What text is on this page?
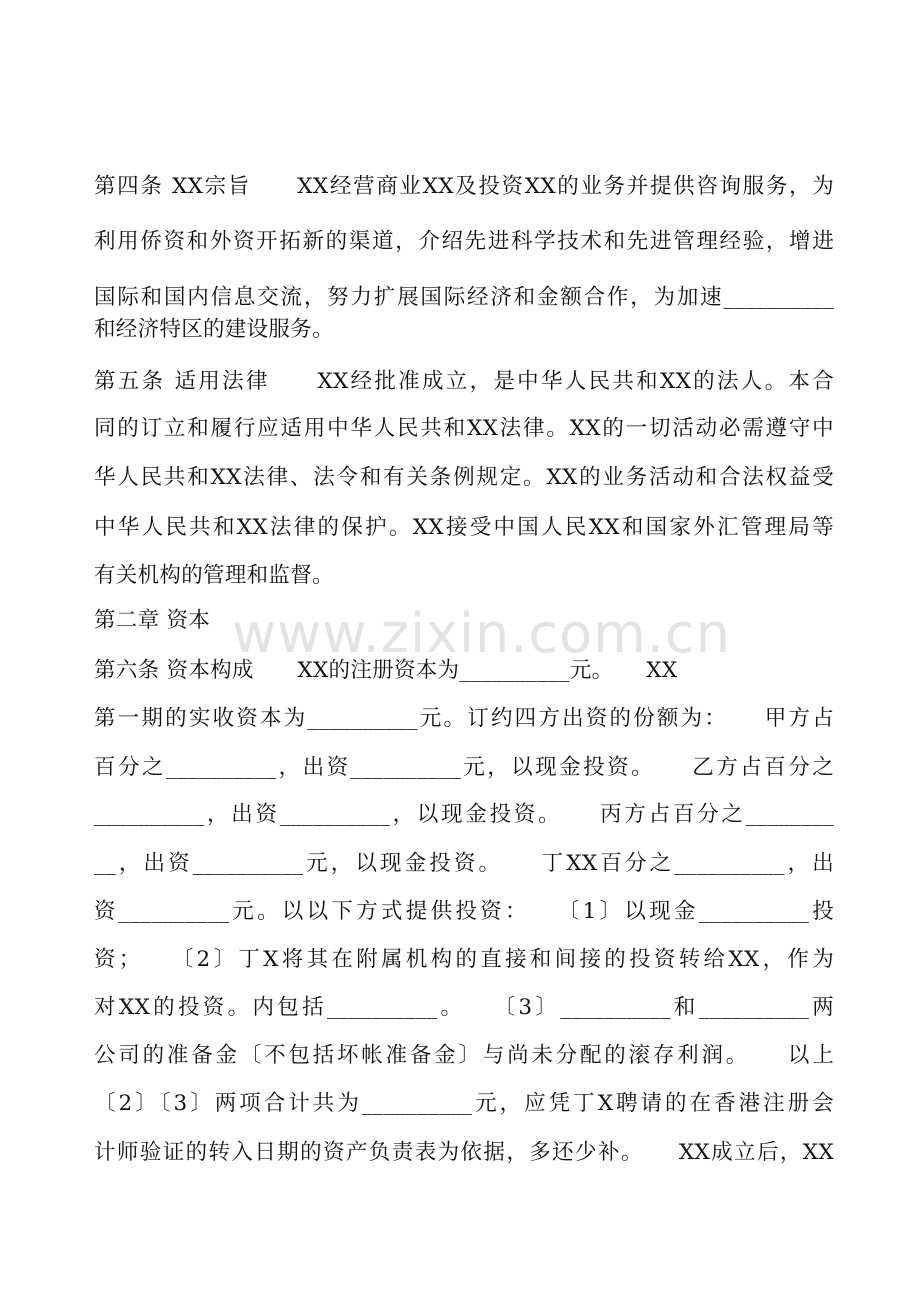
www.zixin.com.cn
第四条 XX宗旨　　XX经营商业XX及投资XX的业务并提供咨询服务，为
利用侨资和外资开拓新的渠道，介绍先进科学技术和先进管理经验，增进
国际和国内信息交流，努力扩展国际经济和金额合作，为加速__________
和经济特区的建设服务。
第五条 适用法律　　XX经批准成立，是中华人民共和XX的法人。本合
同的订立和履行应适用中华人民共和XX法律。XX的一切活动必需遵守中
华人民共和XX法律、法令和有关条例规定。XX的业务活动和合法权益受
中华人民共和XX法律的保护。XX接受中国人民XX和国家外汇管理局等
有关机构的管理和监督。
第二章 资本
第六条 资本构成　　XX的注册资本为__________元。　　XX
第一期的实收资本为__________元。订约四方出资的份额为：　　甲方占
百分之__________，出资__________元，以现金投资。　　乙方占百分之
__________，出资__________，以现金投资。　　丙方占百分之________
__，出资__________元，以现金投资。　　丁XX百分之__________，出
资__________元。以以下方式提供投资：　　〔1〕以现金__________投
资；　　〔2〕丁X将其在附属机构的直接和间接的投资转给XX，作为
对XX的投资。内包括__________。　　〔3〕__________和__________两
公司的准备金〔不包括坏帐准备金〕与尚未分配的滚存利润。　　以上
〔2〕〔3〕两项合计共为__________元，应凭丁X聘请的在香港注册会
计师验证的转入日期的资产负责表为依据，多还少补。　　XX成立后，XX
